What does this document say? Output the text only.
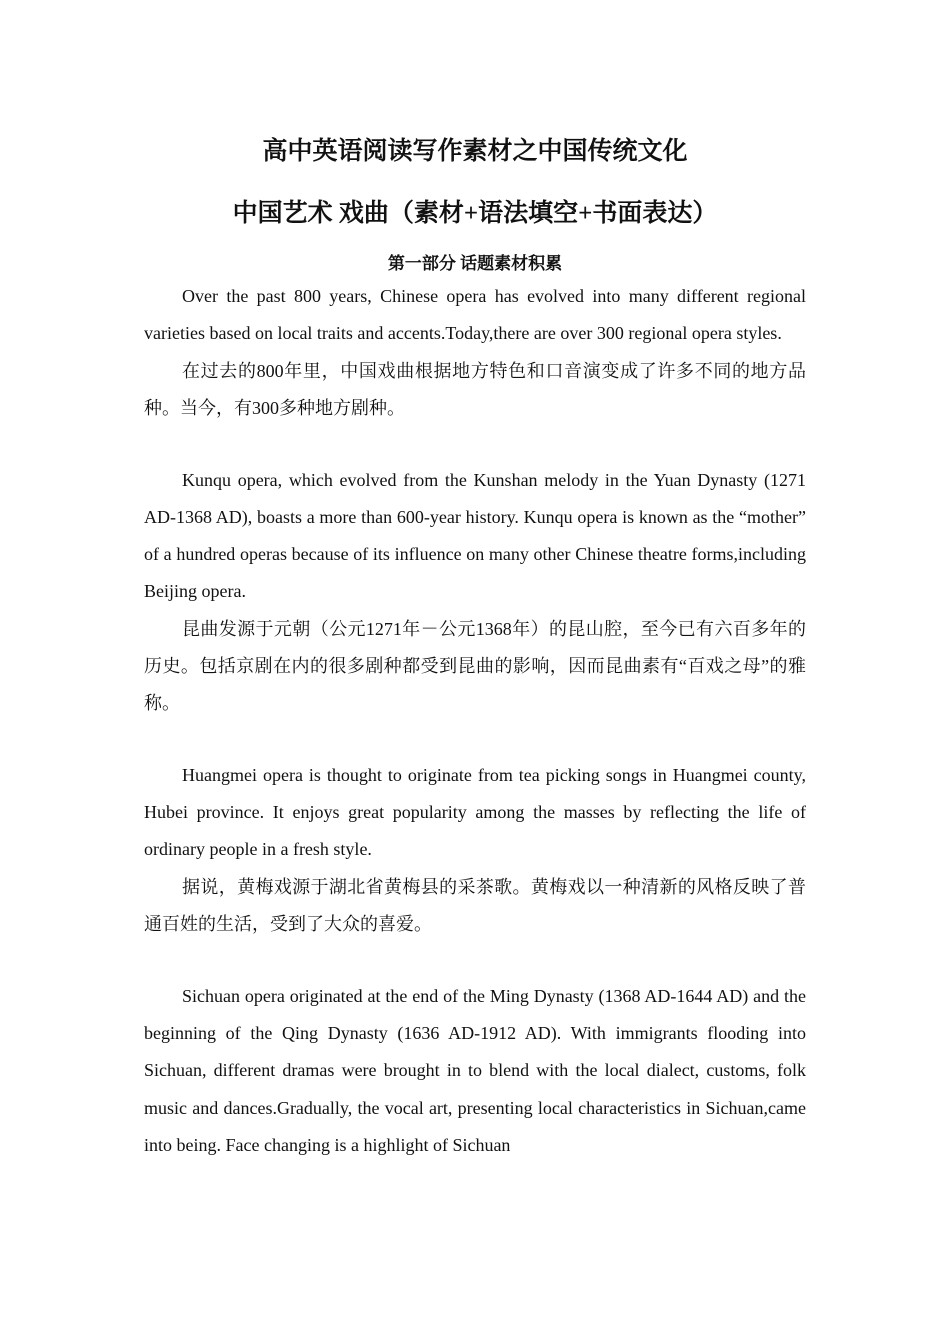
高中英语阅读写作素材之中国传统文化
中国艺术 戏曲（素材+语法填空+书面表达）
第一部分 话题素材积累

Over the past 800 years, Chinese opera has evolved into many different regional varieties based on local traits and accents.Today,there are over 300 regional opera styles.

在过去的800年里，中国戏曲根据地方特色和口音演变成了许多不同的地方品种。当今，有300多种地方剧种。

Kunqu opera, which evolved from the Kunshan melody in the Yuan Dynasty (1271 AD-1368 AD), boasts a more than 600-year history. Kunqu opera is known as the “mother” of a hundred operas because of its influence on many other Chinese theatre forms,including Beijing opera.

昆曲发源于元朝（公元1271年－公元1368年）的昆山腔，至今已有六百多年的历史。包括京剧在内的很多剧种都受到昆曲的影响，因而昆曲素有“百戏之母”的雅称。

Huangmei opera is thought to originate from tea picking songs in Huangmei county, Hubei province. It enjoys great popularity among the masses by reflecting the life of ordinary people in a fresh style.

据说，黄梅戏源于湖北省黄梅县的采茶歌。黄梅戏以一种清新的风格反映了普通百姓的生活，受到了大众的喜爱。

Sichuan opera originated at the end of the Ming Dynasty (1368 AD-1644 AD) and the beginning of the Qing Dynasty (1636 AD-1912 AD). With immigrants flooding into Sichuan, different dramas were brought in to blend with the local dialect, customs, folk music and dances.Gradually, the vocal art, presenting local characteristics in Sichuan,came into being. Face changing is a highlight of Sichuan
